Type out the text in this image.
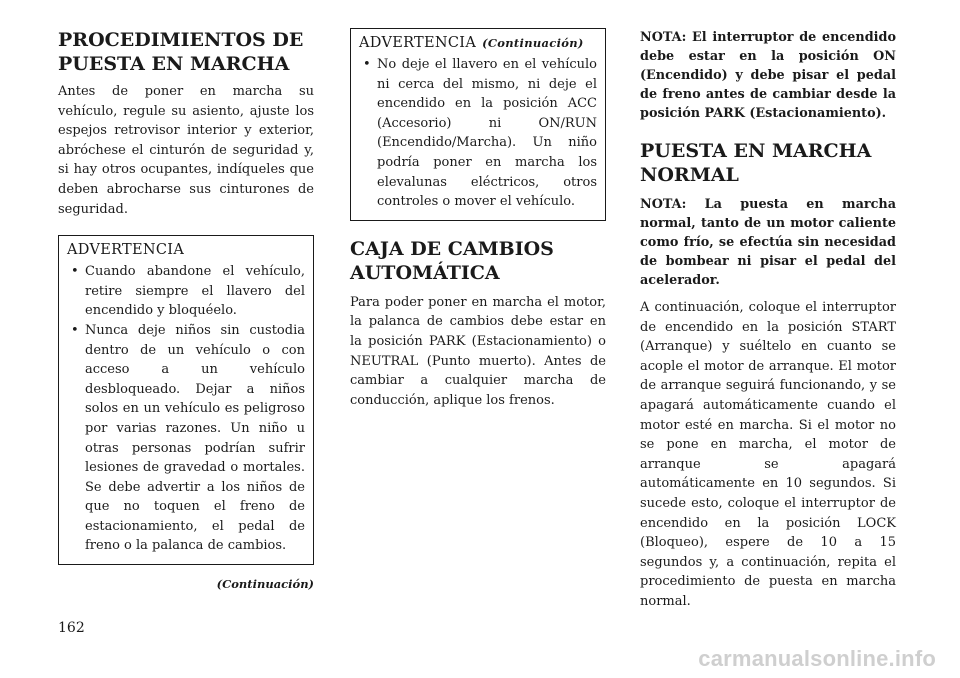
PROCEDIMIENTOS DE PUESTA EN MARCHA

Antes de poner en marcha su vehículo, regule su asiento, ajuste los espejos retrovisor interior y exterior, abróchese el cinturón de seguridad y, si hay otros ocupantes, indíqueles que deben abrocharse sus cinturones de seguridad.

ADVERTENCIA
• Cuando abandone el vehículo, retire siempre el llavero del encendido y bloquéelo.
• Nunca deje niños sin custodia dentro de un vehículo o con acceso a un vehículo desbloqueado. Dejar a niños solos en un vehículo es peligroso por varias razones. Un niño u otras personas podrían sufrir lesiones de gravedad o mortales. Se debe advertir a los niños de que no toquen el freno de estacionamiento, el pedal de freno o la palanca de cambios.
(Continuación)
ADVERTENCIA (Continuación)
• No deje el llavero en el vehículo ni cerca del mismo, ni deje el encendido en la posición ACC (Accesorio) ni ON/RUN (Encendido/Marcha). Un niño podría poner en marcha los elevalunas eléctricos, otros controles o mover el vehículo.
CAJA DE CAMBIOS AUTOMÁTICA

Para poder poner en marcha el motor, la palanca de cambios debe estar en la posición PARK (Estacionamiento) o NEUTRAL (Punto muerto). Antes de cambiar a cualquier marcha de conducción, aplique los frenos.

NOTA: El interruptor de encendido debe estar en la posición ON (Encendido) y debe pisar el pedal de freno antes de cambiar desde la posición PARK (Estacionamiento).

PUESTA EN MARCHA NORMAL

NOTA: La puesta en marcha normal, tanto de un motor caliente como frío, se efectúa sin necesidad de bombear ni pisar el pedal del acelerador.

A continuación, coloque el interruptor de encendido en la posición START (Arranque) y suéltelo en cuanto se acople el motor de arranque. El motor de arranque seguirá funcionando, y se apagará automáticamente cuando el motor esté en marcha. Si el motor no se pone en marcha, el motor de arranque se apagará automáticamente en 10 segundos. Si sucede esto, coloque el interruptor de encendido en la posición LOCK (Bloqueo), espere de 10 a 15 segundos y, a continuación, repita el procedimiento de puesta en marcha normal.

162
carmanualsonline.info
